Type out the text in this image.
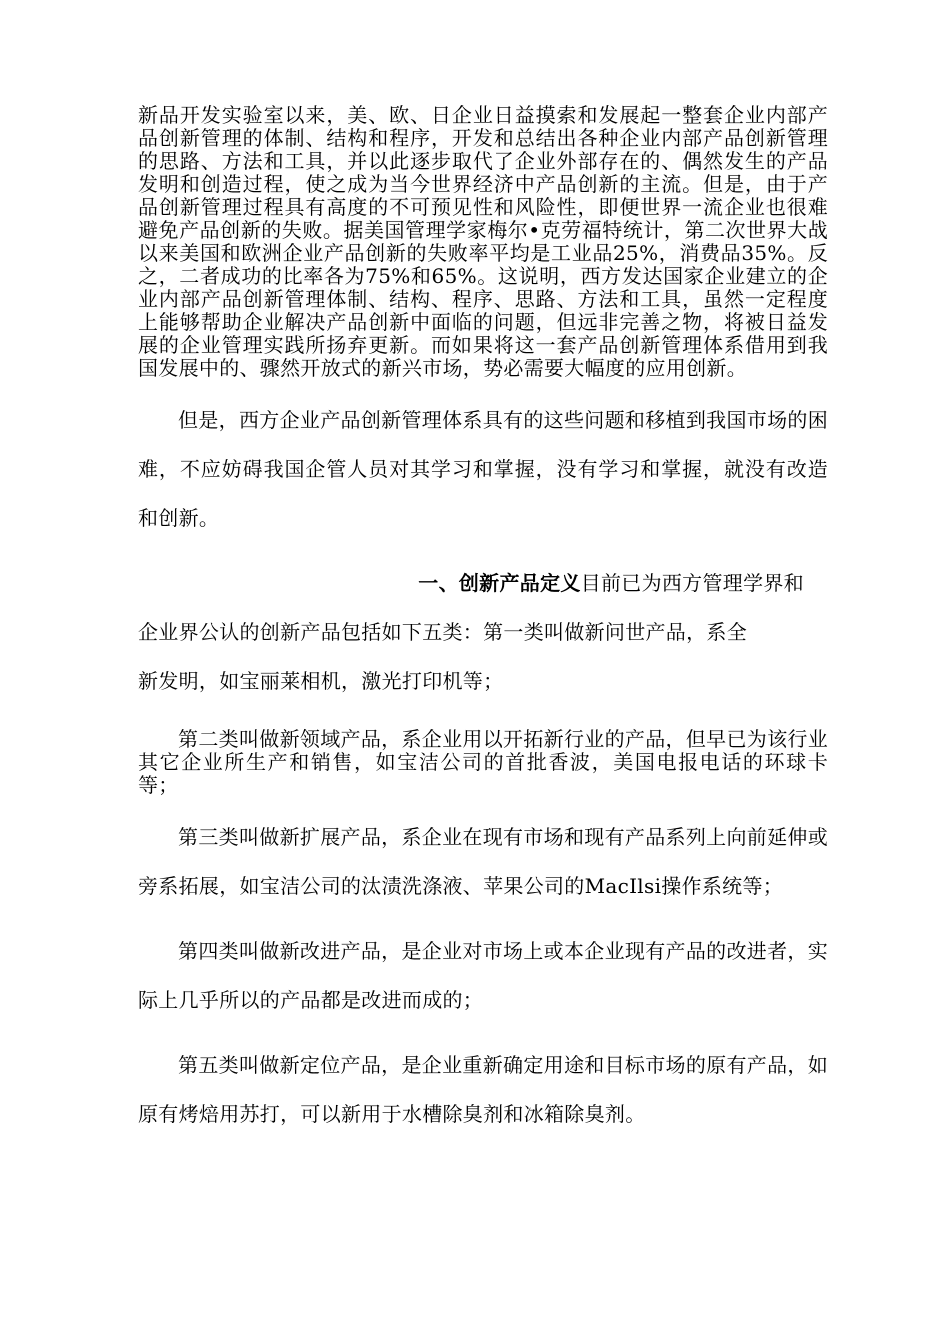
新品开发实验室以来，美、欧、日企业日益摸索和发展起一整套企业内部产品创新管理的体制、结构和程序，开发和总结出各种企业内部产品创新管理的思路、方法和工具，并以此逐步取代了企业外部存在的、偶然发生的产品发明和创造过程，使之成为当今世界经济中产品创新的主流。但是，由于产品创新管理过程具有高度的不可预见性和风险性，即便世界一流企业也很难避免产品创新的失败。据美国管理学家梅尔•克劳福特统计，第二次世界大战以来美国和欧洲企业产品创新的失败率平均是工业品25%，消费品35%。反之，二者成功的比率各为75%和65%。这说明，西方发达国家企业建立的企业内部产品创新管理体制、结构、程序、思路、方法和工具，虽然一定程度上能够帮助企业解决产品创新中面临的问题，但远非完善之物，将被日益发展的企业管理实践所扬弃更新。而如果将这一套产品创新管理体系借用到我国发展中的、骤然开放式的新兴市场，势必需要大幅度的应用创新。

但是，西方企业产品创新管理体系具有的这些问题和移植到我国市场的困难，不应妨碍我国企管人员对其学习和掌握，没有学习和掌握，就没有改造和创新。

一、创新产品定义目前已为西方管理学界和

企业界公认的创新产品包括如下五类：第一类叫做新问世产品，系全

新发明，如宝丽莱相机，激光打印机等；

第二类叫做新领域产品，系企业用以开拓新行业的产品，但早已为该行业其它企业所生产和销售，如宝洁公司的首批香波，美国电报电话的环球卡等；

第三类叫做新扩展产品，系企业在现有市场和现有产品系列上向前延伸或旁系拓展，如宝洁公司的汰渍洗涤液、苹果公司的MacIlsi操作系统等；

第四类叫做新改进产品，是企业对市场上或本企业现有产品的改进者，实际上几乎所以的产品都是改进而成的；

第五类叫做新定位产品，是企业重新确定用途和目标市场的原有产品，如原有烤焙用苏打，可以新用于水槽除臭剂和冰箱除臭剂。
